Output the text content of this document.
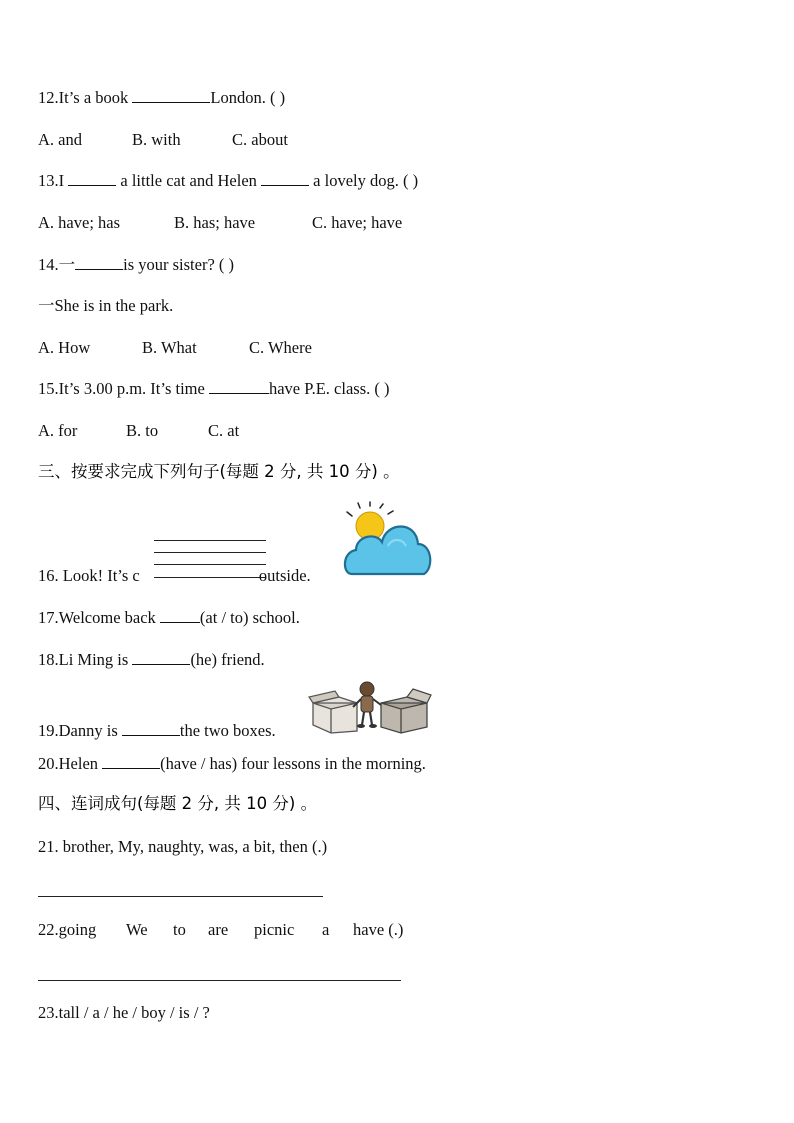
12.It’s a book	London. ( )
A. and	B. with	C. about
13.I	a little cat and Helen	a lovely dog. ( )
A. have; has	B. has; have	C. have; have
14.一	is your sister? ( )
一She is in the park.
A. How	B. What	C. Where
15.It’s 3.00 p.m. It’s time	have P.E. class. ( )
A. for	B. to	C. at
三、按要求完成下列句子(每题 2 分, 共 10 分) 。
16. Look! It’s c	outside.
17.Welcome back (at / to) school.
18.Li Ming is	(he) friend.
19.Danny is	the two boxes.
20.Helen	(have / has) four lessons in the morning.
四、连词成句(每题 2 分, 共 10 分) 。
21. brother, My, naughty, was, a bit, then (.)
22.going We to are picnic a have (.)
23.tall / a / he / boy / is / ?
